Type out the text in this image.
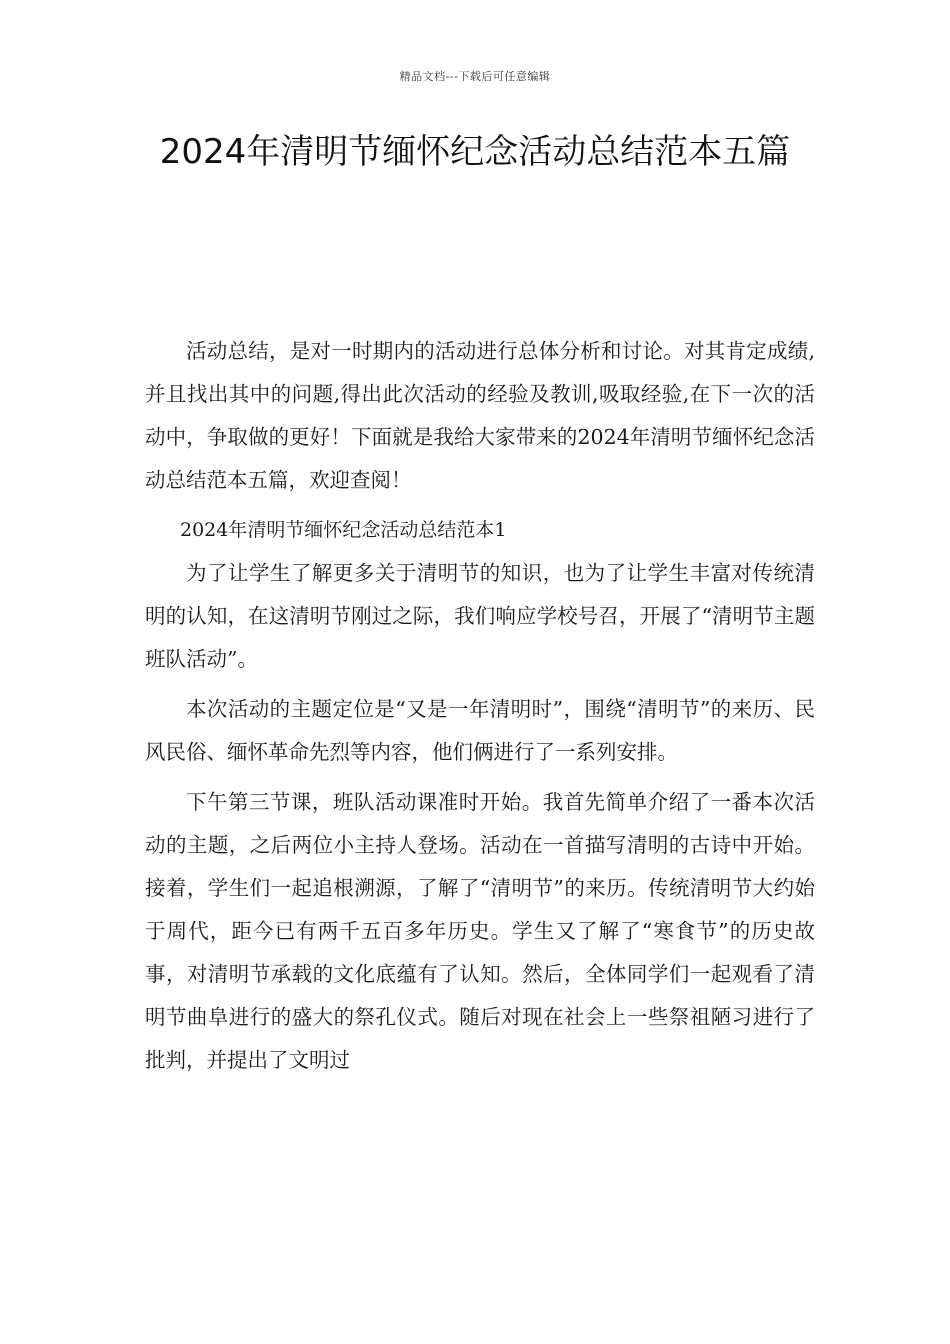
精品文档---下载后可任意编辑
2024年清明节缅怀纪念活动总结范本五篇

活动总结，是对一时期内的活动进行总体分析和讨论。对其肯定成绩,并且找出其中的问题,得出此次活动的经验及教训,吸取经验,在下一次的活动中，争取做的更好！下面就是我给大家带来的2024年清明节缅怀纪念活动总结范本五篇，欢迎查阅！

2024年清明节缅怀纪念活动总结范本1

为了让学生了解更多关于清明节的知识，也为了让学生丰富对传统清明的认知，在这清明节刚过之际，我们响应学校号召，开展了“清明节主题班队活动”。

本次活动的主题定位是“又是一年清明时”，围绕“清明节”的来历、民风民俗、缅怀革命先烈等内容，他们俩进行了一系列安排。

下午第三节课，班队活动课准时开始。我首先简单介绍了一番本次活动的主题，之后两位小主持人登场。活动在一首描写清明的古诗中开始。接着，学生们一起追根溯源，了解了“清明节”的来历。传统清明节大约始于周代，距今已有两千五百多年历史。学生又了解了“寒食节”的历史故事，对清明节承载的文化底蕴有了认知。然后，全体同学们一起观看了清明节曲阜进行的盛大的祭孔仪式。随后对现在社会上一些祭祖陋习进行了批判，并提出了文明过
